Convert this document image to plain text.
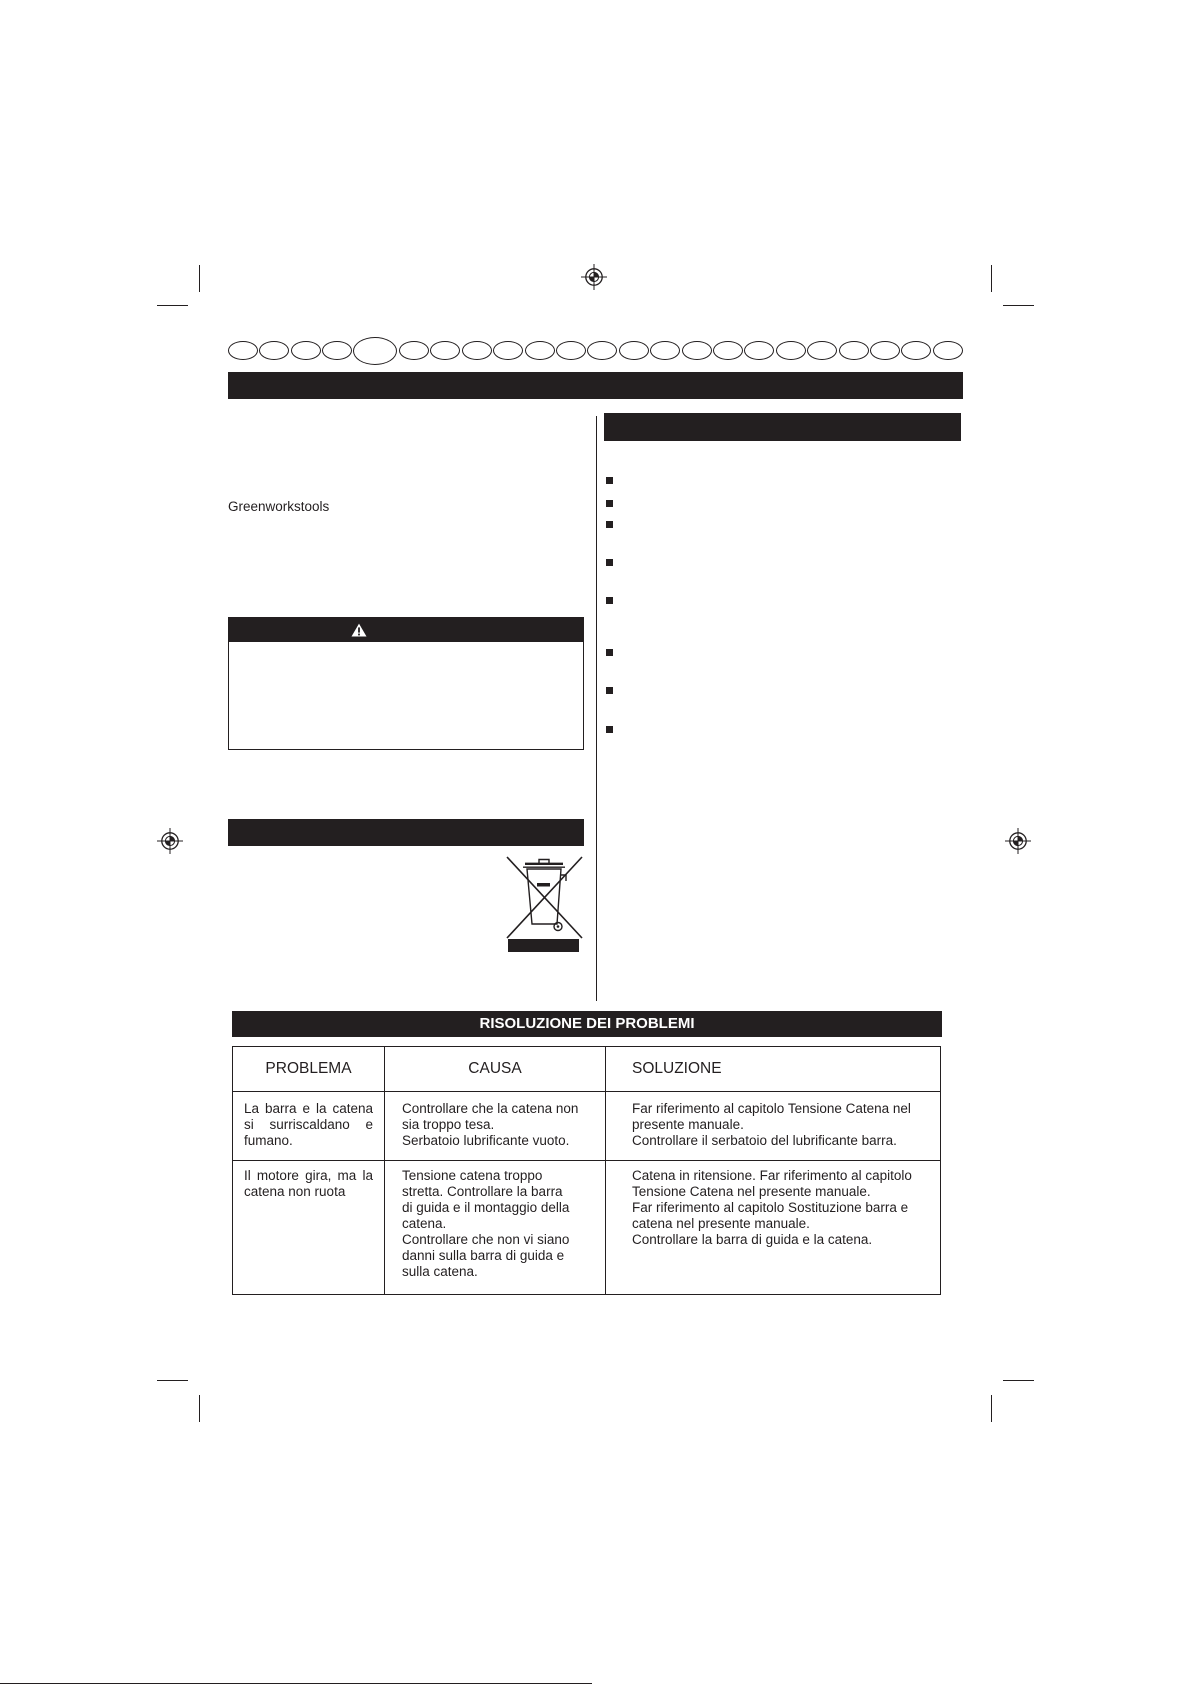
Greenworkstools
RISOLUZIONE DEI PROBLEMI
PROBLEMA	CAUSA	SOLUZIONE
La barra e la catena
si surriscaldano e
fumano.
Controllare che la catena non
sia troppo tesa.
Serbatoio lubrificante vuoto.
Far riferimento al capitolo Tensione Catena nel
presente manuale.
Controllare il serbatoio del lubrificante barra.
Il motore gira, ma la
catena non ruota
Tensione catena troppo
stretta. Controllare la barra
di guida e il montaggio della
catena.
Controllare che non vi siano
danni sulla barra di guida e
sulla catena.
Catena in ritensione. Far riferimento al capitolo
Tensione Catena nel presente manuale.
Far riferimento al capitolo Sostituzione barra e
catena nel presente manuale.
Controllare la barra di guida e la catena.
